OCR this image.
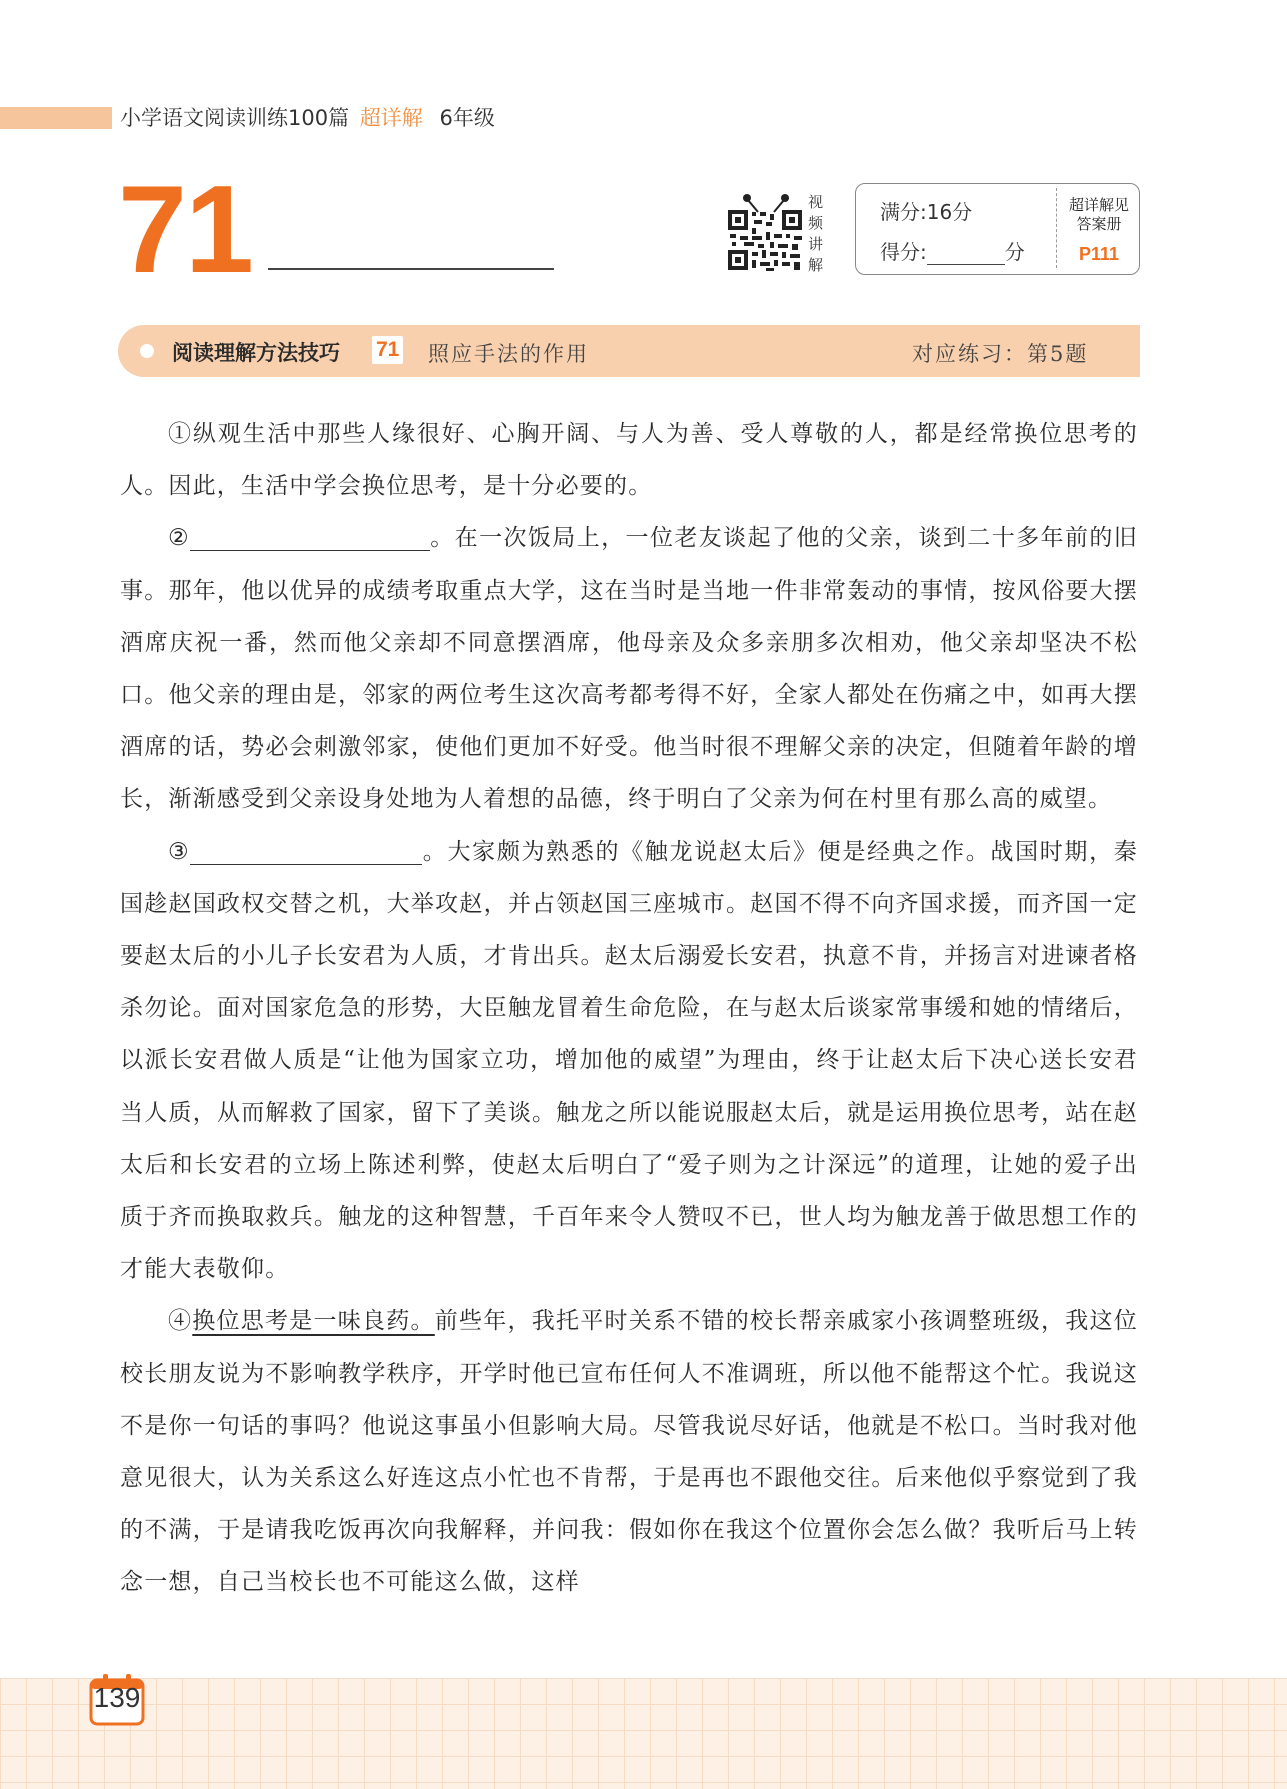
小学语文阅读训练100篇 超详解 6年级
71	视
频
讲
解
满分:16分
得分:	分
超详解见
答案册
P111
阅读理解方法技巧 71 照应手法的作用	对应练习：第5题

①纵观生活中那些人缘很好、心胸开阔、与人为善、受人尊敬的人，都是经常换位思考的人。因此，生活中学会换位思考，是十分必要的。

②	。在一次饭局上，一位老友谈起了他的父亲，谈到二十多年前的旧事。那年，他以优异的成绩考取重点大学，这在当时是当地一件非常轰动的事情，按风俗要大摆酒席庆祝一番，然而他父亲却不同意摆酒席，他母亲及众多亲朋多次相劝，他父亲却坚决不松口。他父亲的理由是，邻家的两位考生这次高考都考得不好，全家人都处在伤痛之中，如再大摆酒席的话，势必会刺激邻家，使他们更加不好受。他当时很不理解父亲的决定，但随着年龄的增长，渐渐感受到父亲设身处地为人着想的品德，终于明白了父亲为何在村里有那么高的威望。

③	。大家颇为熟悉的《触龙说赵太后》便是经典之作。战国时期，秦国趁赵国政权交替之机，大举攻赵，并占领赵国三座城市。赵国不得不向齐国求援，而齐国一定要赵太后的小儿子长安君为人质，才肯出兵。赵太后溺爱长安君，执意不肯，并扬言对进谏者格杀勿论。面对国家危急的形势，大臣触龙冒着生命危险，在与赵太后谈家常事缓和她的情绪后，以派长安君做人质是“让他为国家立功，增加他的威望”为理由，终于让赵太后下决心送长安君当人质，从而解救了国家，留下了美谈。触龙之所以能说服赵太后，就是运用换位思考，站在赵太后和长安君的立场上陈述利弊，使赵太后明白了“爱子则为之计深远”的道理，让她的爱子出质于齐而换取救兵。触龙的这种智慧，千百年来令人赞叹不已，世人均为触龙善于做思想工作的才能大表敬仰。

④换位思考是一味良药。前些年，我托平时关系不错的校长帮亲戚家小孩调整班级，我这位校长朋友说为不影响教学秩序，开学时他已宣布任何人不准调班，所以他不能帮这个忙。我说这不是你一句话的事吗？他说这事虽小但影响大局。尽管我说尽好话，他就是不松口。当时我对他意见很大，认为关系这么好连这点小忙也不肯帮，于是再也不跟他交往。后来他似乎察觉到了我的不满，于是请我吃饭再次向我解释，并问我：假如你在我这个位置你会怎么做？我听后马上转念一想，自己当校长也不可能这么做，这样

139
